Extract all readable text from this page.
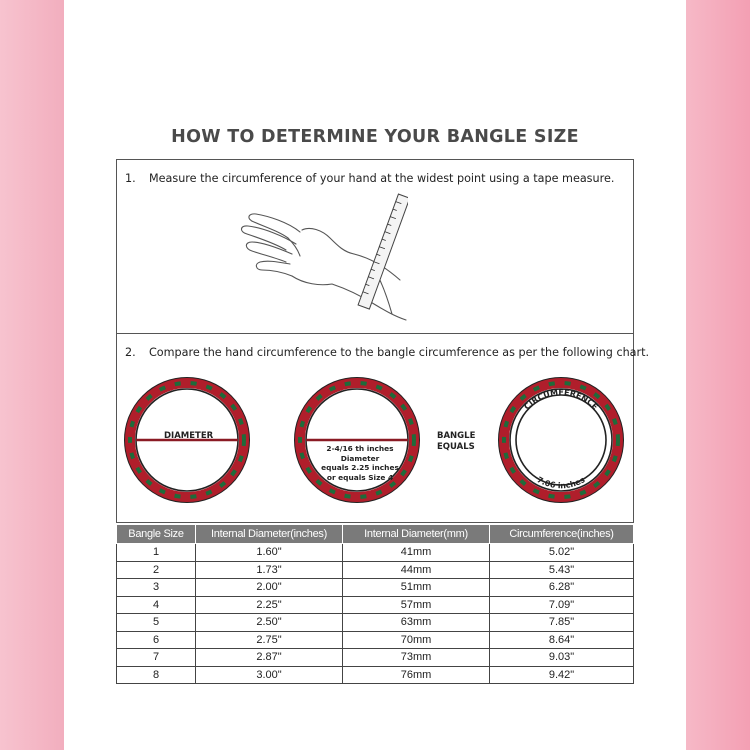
HOW TO DETERMINE YOUR BANGLE SIZE
1. Measure the circumference of your hand at the widest point using a tape measure.
2. Compare the hand circumference to the bangle circumference as per the following chart.
CIRCUMFERENCE
7.06 inches
DIAMETER
2-4/16 th inches Diameter
equals 2.25 inches
or equals Size 4
BANGLE
EQUALS
Bangle Size	Internal Diameter(inches)	Internal Diameter(mm)	Circumference(inches)
1	1.60"	41mm	5.02"
2	1.73"	44mm	5.43"
3	2.00"	51mm	6.28"
4	2.25"	57mm	7.09"
5	2.50"	63mm	7.85"
6	2.75"	70mm	8.64"
7	2.87"	73mm	9.03"
8	3.00"	76mm	9.42"
